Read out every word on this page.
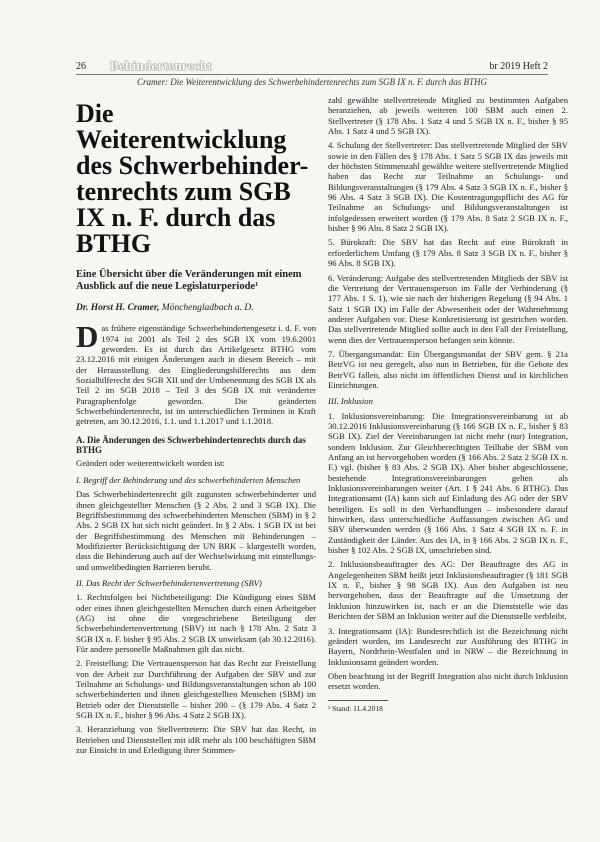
26 Behindertenrecht	br 2019 Heft 2
Cramer: Die Weiterentwicklung des Schwerbehindertenrechts zum SGB IX n. F. durch das BTHG
Die Weiterentwicklung des Schwerbehinder- tenrechts zum SGB IX n. F. durch das BTHG
Eine Übersicht über die Veränderungen mit einem Ausblick auf die neue Legislaturperiode¹
Dr. Horst H. Cramer, Mönchengladbach a. D.

Das frühere eigenständige Schwerbehindertengesetz i. d. F. von 1974 ist 2001 als Teil 2 des SGB IX vom 19.6.2001 geworden. Es ist durch das Artikelgesetz BTHG vom 23.12.2016 mit einigen Änderungen auch in diesem Bereich – mit der Herausstellung des Eingliederungshilferechts aus dem Sozialhilferecht des SGB XII und der Umbenennung des SGB IX als Teil 2 im SGB 2018 – Teil 3 des SGB IX mit veränderter Paragraphenfolge geworden. Die geänderten Schwerbehindertenrecht, ist im unterschiedlichen Terminen in Kraft getreten, am 30.12.2016, 1.1. und 1.1.2017 und 1.1.2018.

A. Die Änderungen des Schwerbehindertenrechts durch das BTHG

Geändert oder weiterentwickelt worden ist:

I. Begriff der Behinderung und des schwerbehinderten Menschen

Das Schwerbehindertenrecht gilt zugunsten schwerbehinderter und ihnen gleichgestellter Menschen (§ 2 Abs. 2 und 3 SGB IX). Die Begriffsbestimmung des schwerbehinderten Menschen (SBM) in § 2 Abs. 2 SGB IX hat sich nicht geändert. In § 2 Abs. 1 SGB IX ist bei der Begriffsbestimmung des Menschen mit Behinderungen – Modifizierter Berücksichtigung der UN BRK – klargestellt worden, dass die Behinderung auch auf der Wechselwirkung mit einstellungs- und umweltbedingten Barrieren beruht.

II. Das Recht der Schwerbehindertenvertretung (SBV)

1. Rechtsfolgen bei Nichtbeteiligung: Die Kündigung eines SBM oder eines ihnen gleichgestellten Menschen durch einen Arbeitgeber (AG) ist ohne die vorgeschriebene Beteiligung der Schwerbehindertenvertretung (SBV) ist nach § 178 Abs. 2 Satz 3 SGB IX n. F. bisher § 95 Abs. 2 SGB IX unwirksam (ab 30.12.2016). Für andere personelle Maßnahmen gilt das nicht.

2. Freistellung: Die Vertrauensperson hat das Recht zur Freistellung von der Arbeit zur Durchführung der Aufgaben der SBV und zur Teilnahme an Schulungs- und Bildungsveranstaltungen schon ab 100 schwerbehinderten und ihnen gleichgestellten Menschen (SBM) im Betrieb oder der Dienststelle – bisher 200 – (§ 179 Abs. 4 Satz 2 SGB IX n. F., bisher § 96 Abs. 4 Satz 2 SGB IX).

3. Heranziehung von Stellvertretern: Die SBV hat das Recht, in Betrieben und Dienststellen mit idR mehr als 100 beschäftigten SBM zur Einsicht in und Erledigung ihrer Stimmen-

zahl gewählte stellvertretende Mitglied zu bestimmten Aufgaben heranziehen, ab jeweils weiteren 100 SBM auch einen 2. Stellvertreter (§ 178 Abs. 1 Satz 4 und 5 SGB IX n. F., bisher § 95 Abs. 1 Satz 4 und 5 SGB IX).

4. Schulung der Stellvertreter: Das stellvertretende Mitglied der SBV sowie in den Fällen des § 178 Abs. 1 Satz 5 SGB IX das jeweils mit der höchsten Stimmenzahl gewählte weitere stellvertretende Mitglied haben das Recht zur Teilnahme an Schulungs- und Bildungsveranstaltungen (§ 179 Abs. 4 Satz 3 SGB IX n. F., bisher § 96 Abs. 4 Satz 3 SGB IX). Die Kostentragungspflicht des AG für Teilnahme an Schulungs- und Bildungsveranstaltungen ist infolgedessen erweitert worden (§ 179 Abs. 8 Satz 2 SGB IX n. F., bisher § 96 Abs. 8 Satz 2 SGB IX).

5. Bürokraft: Die SBV hat das Recht auf eine Bürokraft in erforderlichem Umfang (§ 179 Abs. 8 Satz 3 SGB IX n. F., bisher § 96 Abs. 8 SGB IX).

6. Veränderung: Aufgabe des stellvertretenden Mitglieds der SBV ist die Vertretung der Vertrauensperson im Falle der Verhinderung (§ 177 Abs. 1 S. 1), wie sie nach der bisherigen Regelung (§ 94 Abs. 1 Satz 1 SGB IX) im Falle der Abwesenheit oder der Wahrnehmung anderer Aufgaben vor. Diese Konkretisierung ist gestrichen worden. Das stellvertretende Mitglied sollte auch in den Fall der Freistellung, wenn dies der Vertrauensperson befangen sein könnte.

7. Übergangsmandat: Ein Übergangsmandat der SBV gem. § 21a BetrVG ist neu geregelt, also nun in Betrieben, für die Gebote des BetrVG fallen, also nicht im öffentlichen Dienst und in kirchlichen Einrichtungen.

III. Inklusion

1. Inklusionsvereinbarung: Die Integrationsvereinbarung ist ab 30.12.2016 Inklusionsvereinbarung (§ 166 SGB IX n. F., bisher § 83 SGB IX). Ziel der Vereinbarungen ist nicht mehr (nur) Integration, sondern Inklusion. Zur Gleichberechtigten Teilhabe der SBM von Anfang an ist hervorgehoben worden (§ 166 Abs. 2 Satz 2 SGB IX n. F.) vgl. (bisher § 83 Abs. 2 SGB IX). Aber bisher abgeschlossene, bestehende Integrationsvereinbarungen gelten als Inklusionsvereinbarungen weiter (Art. 1 § 241 Abs. 6 BTHG). Das Integrationsamt (IA) kann sich auf Einladung des AG oder der SBV beteiligen. Es soll in den Verhandlungen – insbesondere darauf hinwirken, dass unterschiedliche Auffassungen zwischen AG und SBV überwunden werden (§ 166 Abs. 1 Satz 4 SGB IX n. F. in Zuständigkeit der Länder. Aus des IA, in § 166 Abs. 2 SGB IX n. F., bisher § 102 Abs. 2 SGB IX, umschrieben sind.

2. Inklusionsbeauftragter des AG: Der Beauftragte des AG in Angelegenheiten SBM heißt jetzt Inklusionsbeauftragter (§ 181 SGB IX n. F., bisher § 98 SGB IX). Aus den Aufgaben ist neu hervorgehoben, dass der Beauftragte auf die Umsetzung der Inklusion hinzuwirken ist, nach er an die Dienststelle wie das Berichten der SBM an Inklusion weiter auf die Dienststelle verbleibt.

3. Integrationsamt (IA): Bundesrechtlich ist die Bezeichnung nicht geändert worden, im Landesrecht zur Ausführung des BTHG in Bayern, Nordrhein-Westfalen und in NRW – die Bezeichnung in Inklusionsamt geändert worden.

Oben beachtung ist der Begriff Integration also nicht durch Inklusion ersetzt worden.

¹ Stand: 11.4.2018
